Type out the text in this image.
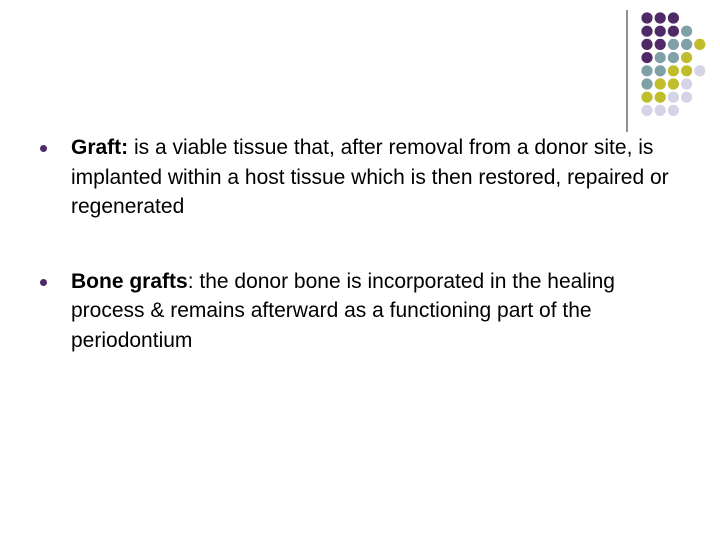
Graft: is a viable tissue that, after removal from a donor site, is implanted within a host tissue which is then restored, repaired or regenerated
Bone grafts: the donor bone is incorporated in the healing process & remains afterward as a functioning part of the periodontium
